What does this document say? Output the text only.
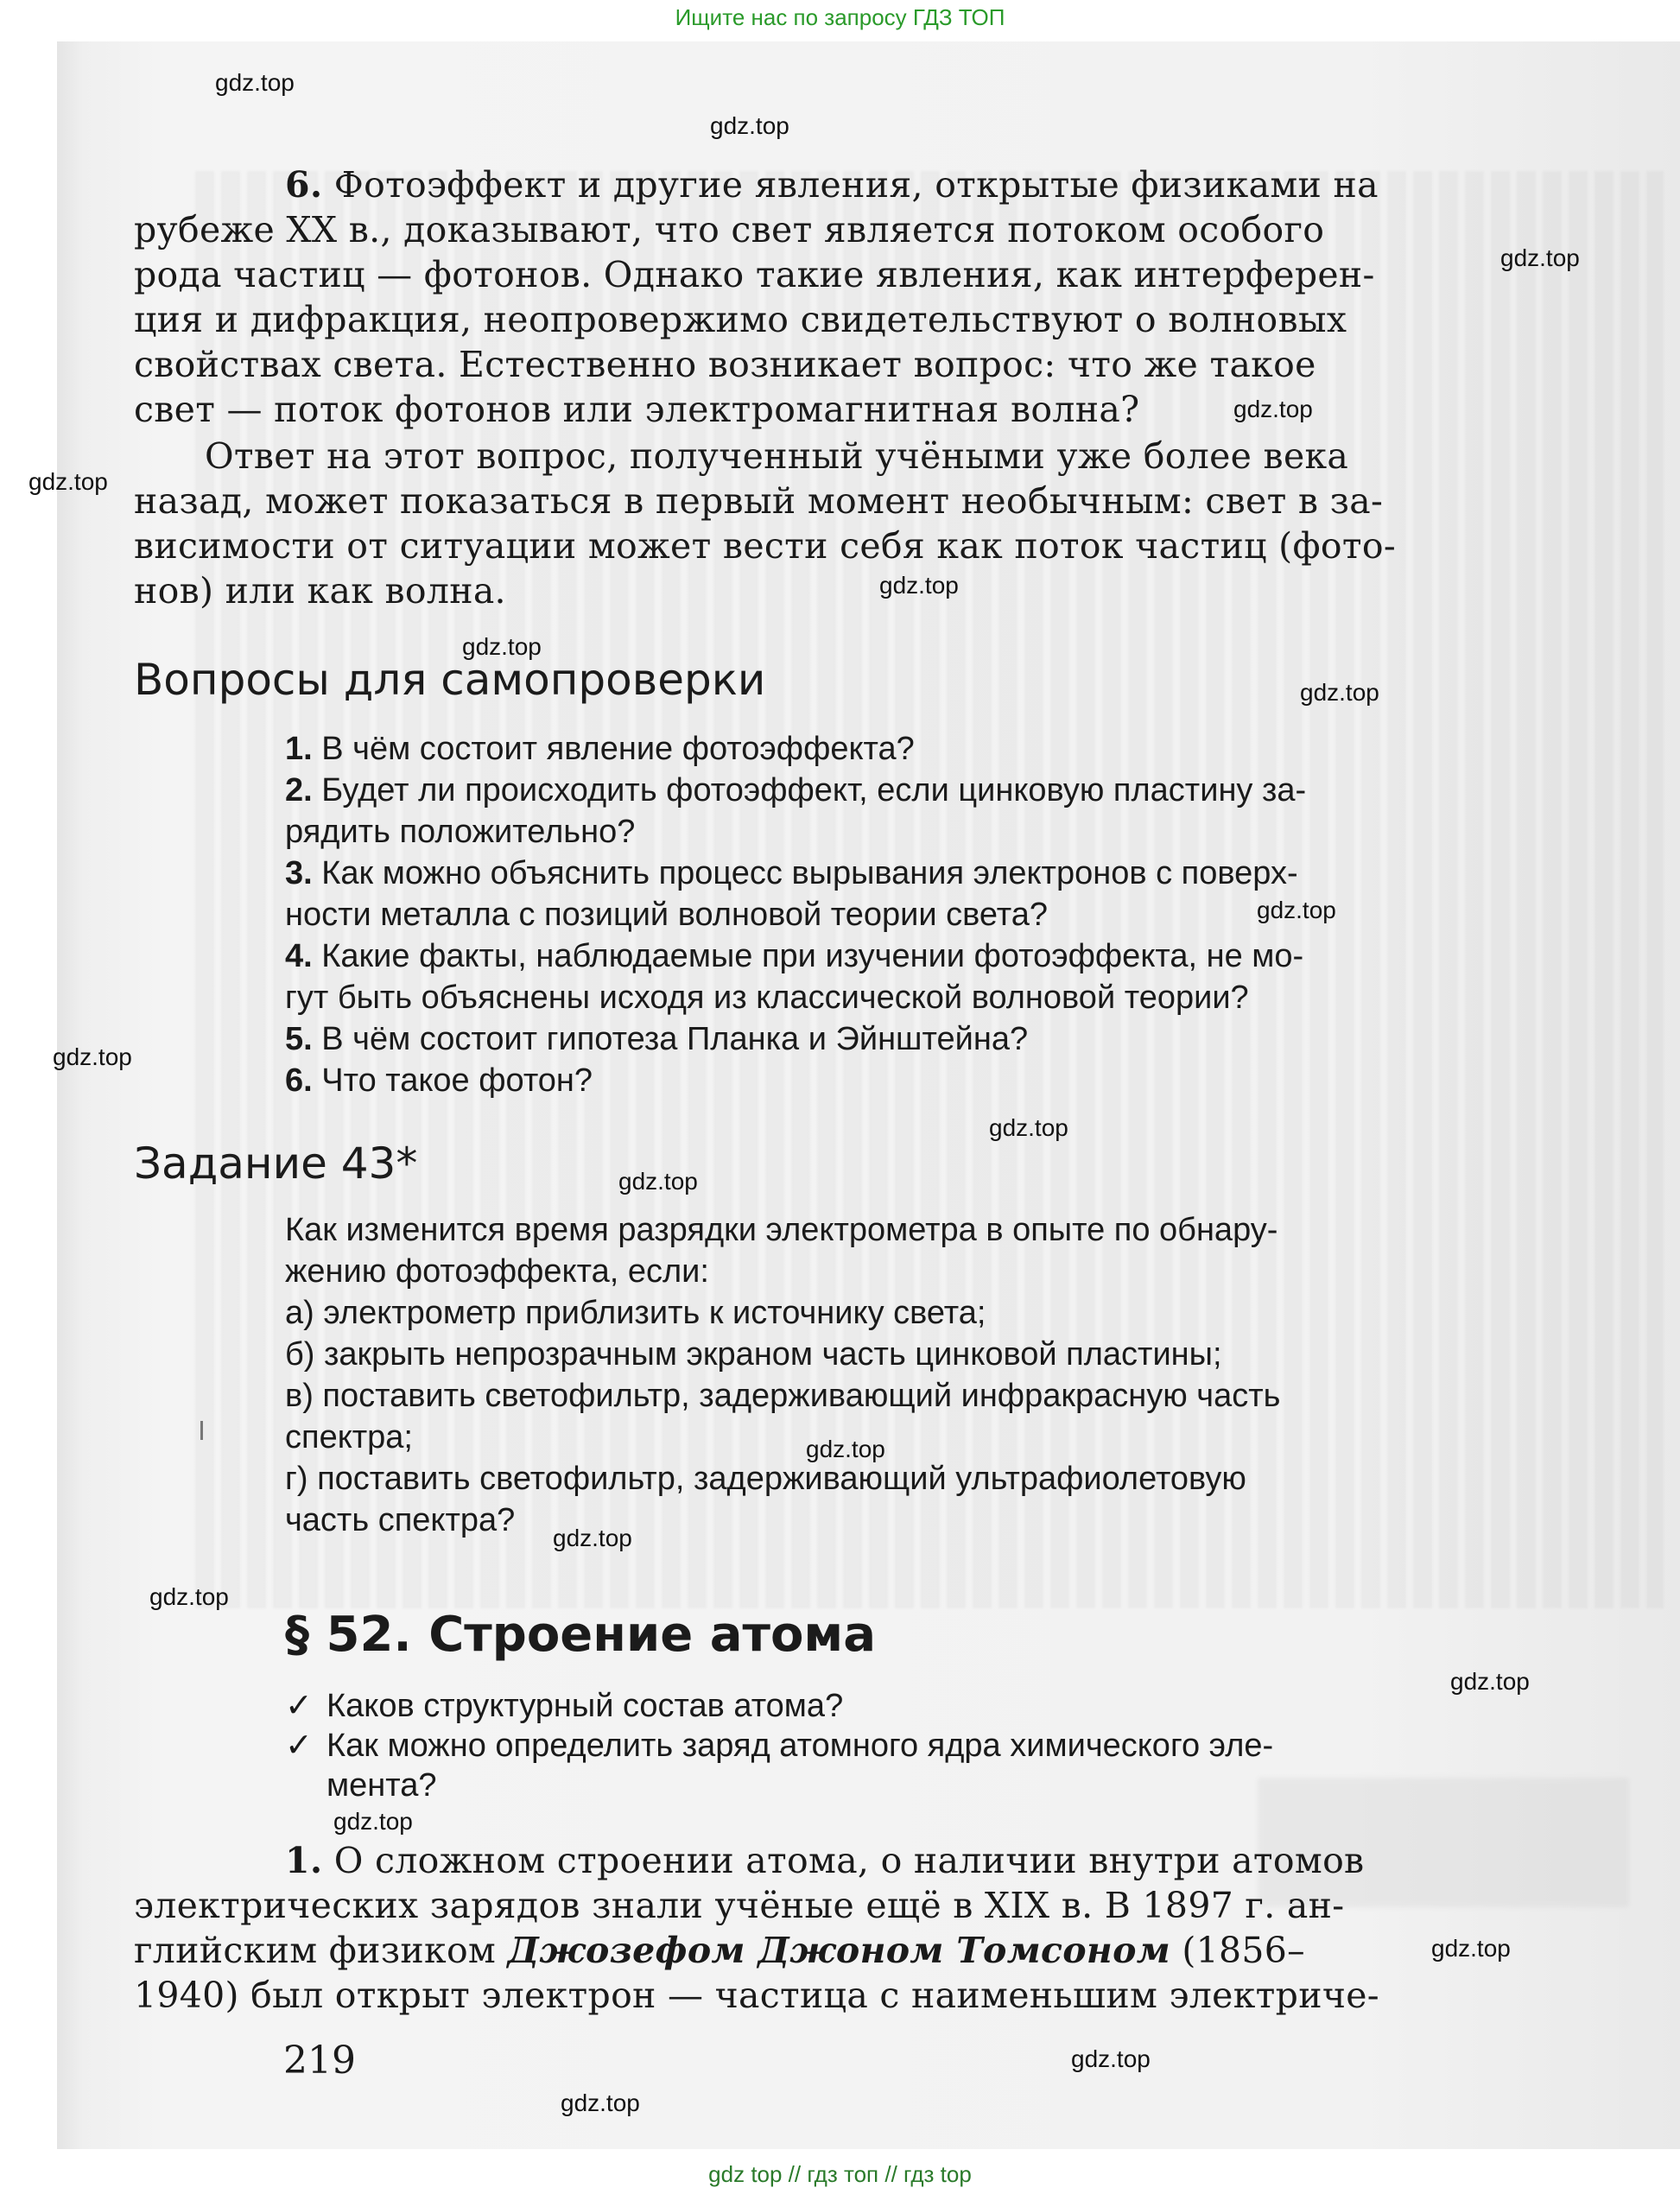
Ищите нас по запросу ГДЗ ТОП
6. Фотоэффект и другие явления, открытые физиками на
рубеже XX в., доказывают, что свет является потоком особого
рода частиц — фотонов. Однако такие явления, как интерферен-
ция и дифракция, неопровержимо свидетельствуют о волновых
свойствах света. Естественно возникает вопрос: что же такое
свет — поток фотонов или электромагнитная волна?
Ответ на этот вопрос, полученный учёными уже более века
назад, может показаться в первый момент необычным: свет в за-
висимости от ситуации может вести себя как поток частиц (фото-
нов) или как волна.
Вопросы для самопроверки
1. В чём состоит явление фотоэффекта?
2. Будет ли происходить фотоэффект, если цинковую пластину за-
рядить положительно?
3. Как можно объяснить процесс вырывания электронов с поверх-
ности металла с позиций волновой теории света?
4. Какие факты, наблюдаемые при изучении фотоэффекта, не мо-
гут быть объяснены исходя из классической волновой теории?
5. В чём состоит гипотеза Планка и Эйнштейна?
6. Что такое фотон?
Задание 43*
Как изменится время разрядки электрометра в опыте по обнару-
жению фотоэффекта, если:
а) электрометр приблизить к источнику света;
б) закрыть непрозрачным экраном часть цинковой пластины;
в) поставить светофильтр, задерживающий инфракрасную часть
спектра;
г) поставить светофильтр, задерживающий ультрафиолетовую
часть спектра?
§ 52. Строение атома
✓ Каков структурный состав атома?
✓ Как можно определить заряд атомного ядра химического эле-
мента?
1. О сложном строении атома, о наличии внутри атомов
электрических зарядов знали учёные ещё в XIX в. В 1897 г. ан-
глийским физиком Джозефом Джоном Томсоном (1856–
1940) был открыт электрон — частица с наименьшим электриче-
219
gdz.top
gdz.top
gdz.top
gdz.top
gdz.top
gdz.top
gdz.top
gdz.top
gdz.top
gdz.top
gdz.top
gdz.top
gdz.top
gdz.top
gdz.top
gdz.top
gdz.top
gdz.top
gdz.top
gdz.top
gdz top // гдз топ // гдз top
